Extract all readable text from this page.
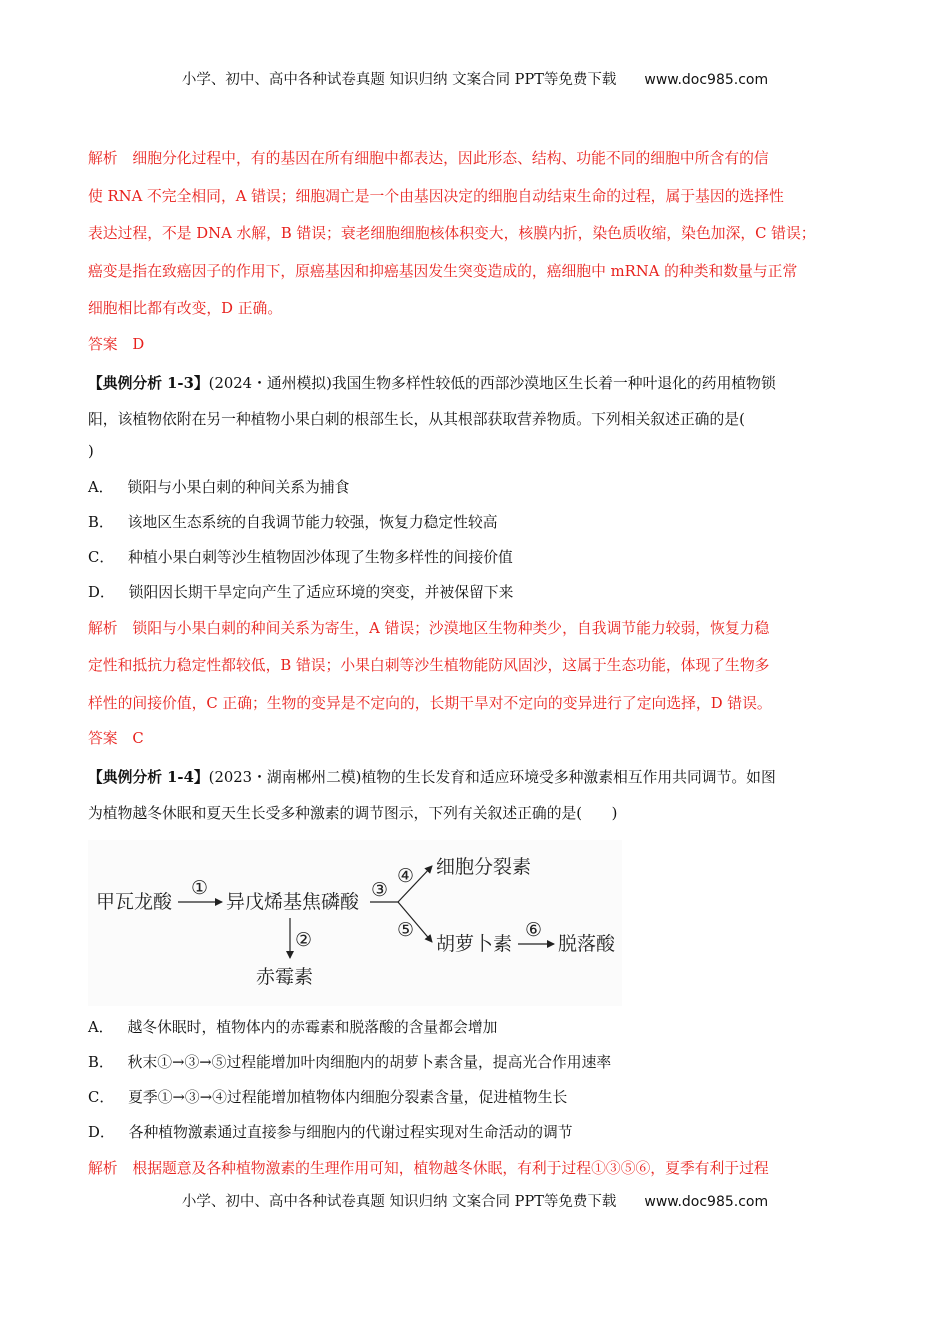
小学、初中、高中各种试卷真题 知识归纳 文案合同 PPT等免费下载 www.doc985.com

解析　细胞分化过程中，有的基因在所有细胞中都表达，因此形态、结构、功能不同的细胞中所含有的信

使 RNA 不完全相同，A 错误；细胞凋亡是一个由基因决定的细胞自动结束生命的过程，属于基因的选择性

表达过程，不是 DNA 水解，B 错误；衰老细胞细胞核体积变大，核膜内折，染色质收缩，染色加深，C 错误；

癌变是指在致癌因子的作用下，原癌基因和抑癌基因发生突变造成的，癌细胞中 mRNA 的种类和数量与正常

细胞相比都有改变，D 正确。

答案　D

【典例分析 1-3】(2024・通州模拟)我国生物多样性较低的西部沙漠地区生长着一种叶退化的药用植物锁

阳，该植物依附在另一种植物小果白刺的根部生长，从其根部获取营养物质。下列相关叙述正确的是(

)

A． 锁阳与小果白刺的种间关系为捕食

B． 该地区生态系统的自我调节能力较强，恢复力稳定性较高

C． 种植小果白刺等沙生植物固沙体现了生物多样性的间接价值

D． 锁阳因长期干旱定向产生了适应环境的突变，并被保留下来

解析　锁阳与小果白刺的种间关系为寄生，A 错误；沙漠地区生物种类少，自我调节能力较弱，恢复力稳

定性和抵抗力稳定性都较低，B 错误；小果白刺等沙生植物能防风固沙，这属于生态功能，体现了生物多

样性的间接价值，C 正确；生物的变异是不定向的，长期干旱对不定向的变异进行了定向选择，D 错误。

答案　C

【典例分析 1-4】(2023・湖南郴州二模)植物的生长发育和适应环境受多种激素相互作用共同调节。如图

为植物越冬休眠和夏天生长受多种激素的调节图示，下列有关叙述正确的是(　　)

甲瓦龙酸	异戊烯基焦磷酸
细胞分裂素
赤霉素
胡萝卜素 脱落酸
①
②
③
④
⑤	⑥

A． 越冬休眠时，植物体内的赤霉素和脱落酸的含量都会增加

B． 秋末①→③→⑤过程能增加叶肉细胞内的胡萝卜素含量，提高光合作用速率

C． 夏季①→③→④过程能增加植物体内细胞分裂素含量，促进植物生长

D． 各种植物激素通过直接参与细胞内的代谢过程实现对生命活动的调节

解析　根据题意及各种植物激素的生理作用可知，植物越冬休眠，有利于过程①③⑤⑥，夏季有利于过程

小学、初中、高中各种试卷真题 知识归纳 文案合同 PPT等免费下载 www.doc985.com
